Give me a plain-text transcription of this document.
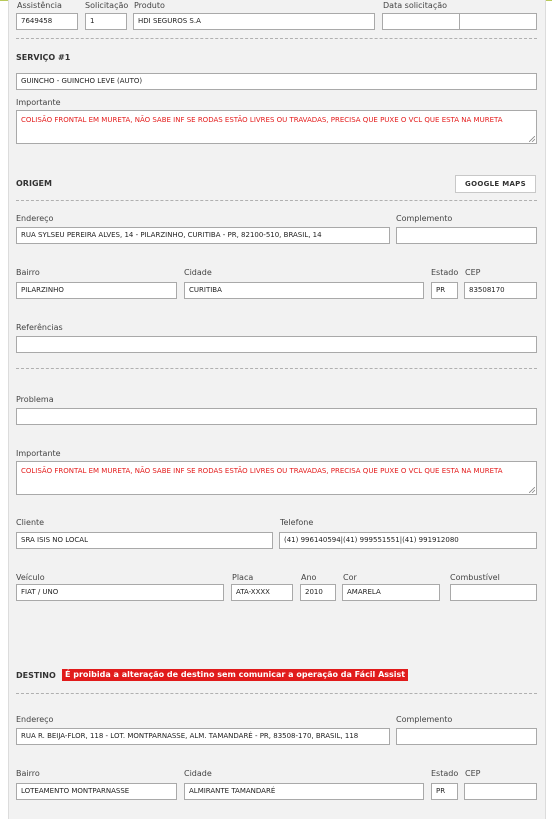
Assistência
7649458
Solicitação
1
Produto
HDI SEGUROS S.A
Data solicitação
SERVIÇO #1
GUINCHO - GUINCHO LEVE (AUTO)
Importante
COLISÃO FRONTAL EM MURETA, NÃO SABE INF SE RODAS ESTÃO LIVRES OU TRAVADAS, PRECISA QUE PUXE O VCL QUE ESTA NA MURETA
ORIGEM	GOOGLE MAPS
Endereço
RUA SYLSEU PEREIRA ALVES, 14 - PILARZINHO, CURITIBA - PR, 82100-510, BRASIL, 14
Complemento
Bairro
PILARZINHO
Cidade
CURITIBA
Estado
PR
CEP
83508170
Referências
Problema
Importante
COLISÃO FRONTAL EM MURETA, NÃO SABE INF SE RODAS ESTÃO LIVRES OU TRAVADAS, PRECISA QUE PUXE O VCL QUE ESTA NA MURETA
Cliente
SRA ISIS NO LOCAL
Telefone
(41) 996140594|(41) 999551551|(41) 991912080
Veículo
FIAT / UNO
Placa
ATA-XXXX
Ano
2010
Cor
AMARELA
Combustível
DESTINO	É proibida a alteração de destino sem comunicar a operação da Fácil Assist
Endereço
RUA R. BEIJA-FLOR, 118 - LOT. MONTPARNASSE, ALM. TAMANDARÉ - PR, 83508-170, BRASIL, 118
Complemento
Bairro
LOTEAMENTO MONTPARNASSE
Cidade
ALMIRANTE TAMANDARÉ
Estado
PR
CEP
